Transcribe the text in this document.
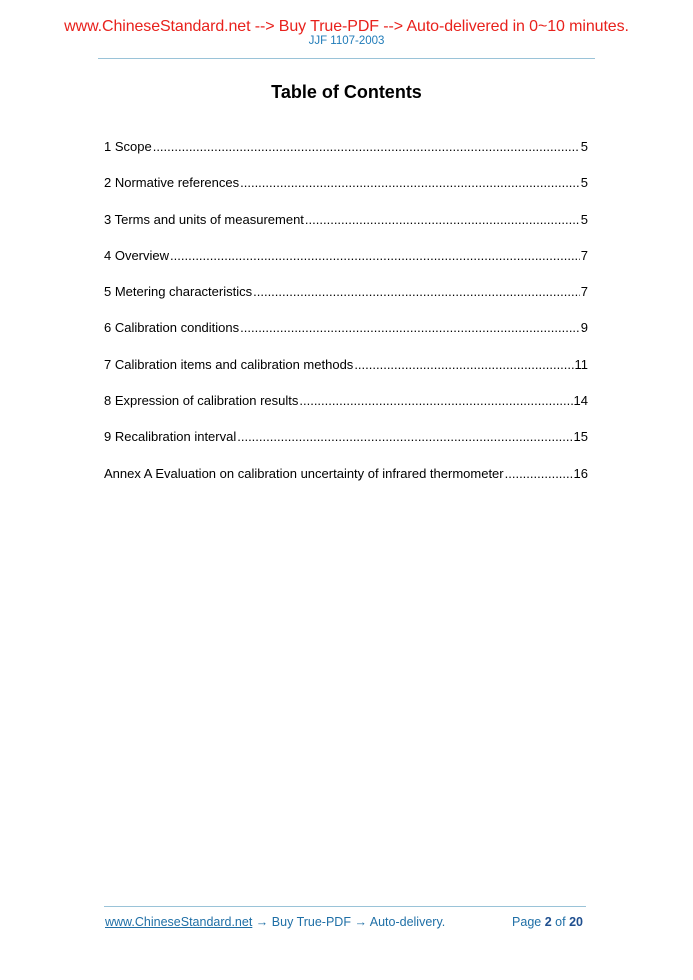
www.ChineseStandard.net --> Buy True-PDF --> Auto-delivered in 0~10 minutes.
JJF 1107-2003
Table of Contents
1 Scope .....	5
2 Normative references .....	5
3 Terms and units of measurement .....	5
4 Overview .....	7
5 Metering characteristics .....	7
6 Calibration conditions .....	9
7 Calibration items and calibration methods .....	11
8 Expression of calibration results .....	14
9 Recalibration interval .....	15
Annex A Evaluation on calibration uncertainty of infrared thermometer .....	16
www.ChineseStandard.net → Buy True-PDF → Auto-delivery.	Page 2 of 20
